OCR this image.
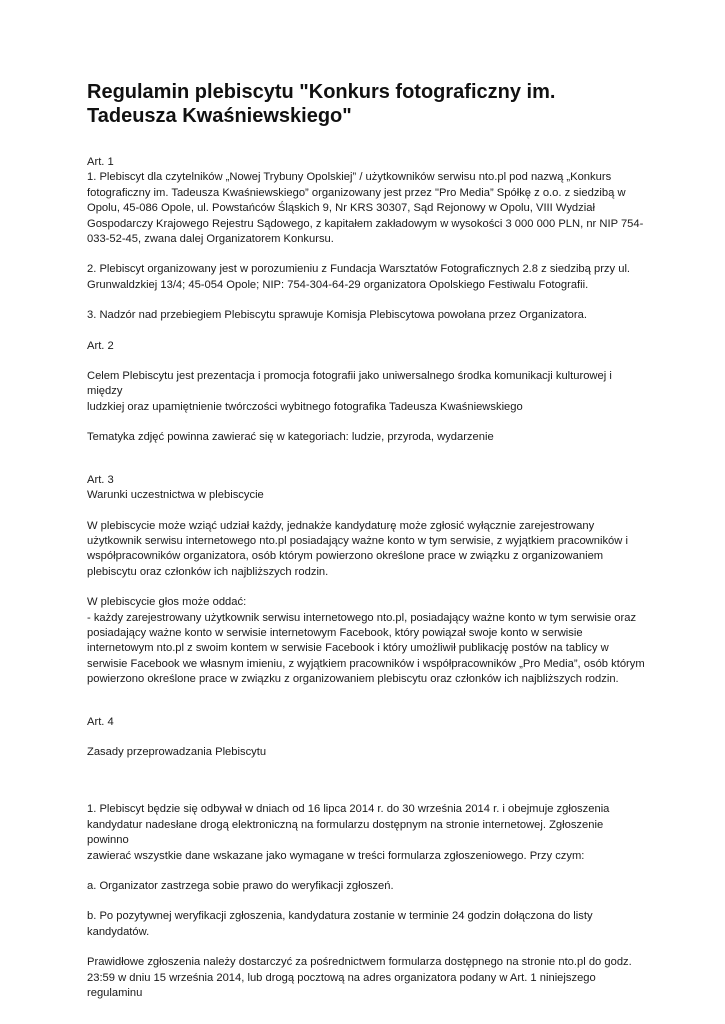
Regulamin plebiscytu "Konkurs fotograficzny im. Tadeusza Kwaśniewskiego"

Art. 1

1. Plebiscyt dla czytelników „Nowej Trybuny Opolskiej” / użytkowników serwisu nto.pl pod nazwą „Konkurs
fotograficzny im. Tadeusza Kwaśniewskiego” organizowany jest przez "Pro Media” Spółkę z o.o. z siedzibą w
Opolu, 45-086 Opole, ul. Powstańców Śląskich 9, Nr KRS 30307, Sąd Rejonowy w Opolu, VIII Wydział
Gospodarczy Krajowego Rejestru Sądowego, z kapitałem zakładowym w wysokości 3 000 000 PLN, nr NIP 754-
033-52-45, zwana dalej Organizatorem Konkursu.

2. Plebiscyt organizowany jest w porozumieniu z Fundacja Warsztatów Fotograficznych 2.8 z siedzibą przy ul.
Grunwaldzkiej 13/4; 45-054 Opole; NIP: 754-304-64-29 organizatora Opolskiego Festiwalu Fotografii.

3. Nadzór nad przebiegiem Plebiscytu sprawuje Komisja Plebiscytowa powołana przez Organizatora.

Art. 2

Celem Plebiscytu jest prezentacja i promocja fotografii jako uniwersalnego środka komunikacji kulturowej i między
ludzkiej oraz upamiętnienie twórczości wybitnego fotografika Tadeusza Kwaśniewskiego

Tematyka zdjęć powinna zawierać się w kategoriach: ludzie, przyroda, wydarzenie

Art. 3

Warunki uczestnictwa w plebiscycie

W plebiscycie może wziąć udział każdy, jednakże kandydaturę może zgłosić wyłącznie zarejestrowany
użytkownik serwisu internetowego nto.pl posiadający ważne konto w tym serwisie, z wyjątkiem pracowników i
współpracowników organizatora, osób którym powierzono określone prace w związku z organizowaniem
plebiscytu oraz członków ich najbliższych rodzin.

W plebiscycie głos może oddać:
- każdy zarejestrowany użytkownik serwisu internetowego nto.pl, posiadający ważne konto w tym serwisie oraz
posiadający ważne konto w serwisie internetowym Facebook, który powiązał swoje konto w serwisie
internetowym nto.pl z swoim kontem w serwisie Facebook i który umożliwił publikację postów na tablicy w
serwisie Facebook we własnym imieniu, z wyjątkiem pracowników i współpracowników „Pro Media”, osób którym
powierzono określone prace w związku z organizowaniem plebiscytu oraz członków ich najbliższych rodzin.

Art. 4

Zasady przeprowadzania Plebiscytu

1. Plebiscyt będzie się odbywał w dniach od 16 lipca 2014 r. do 30 września 2014 r. i obejmuje zgłoszenia
kandydatur nadesłane drogą elektroniczną na formularzu dostępnym na stronie internetowej. Zgłoszenie powinno
zawierać wszystkie dane wskazane jako wymagane w treści formularza zgłoszeniowego. Przy czym:

a. Organizator zastrzega sobie prawo do weryfikacji zgłoszeń.

b. Po pozytywnej weryfikacji zgłoszenia, kandydatura zostanie w terminie 24 godzin dołączona do listy
kandydatów.

Prawidłowe zgłoszenia należy dostarczyć za pośrednictwem formularza dostępnego na stronie nto.pl do godz.
23:59 w dniu 15 września 2014, lub drogą pocztową na adres organizatora podany w Art. 1 niniejszego
regulaminu
